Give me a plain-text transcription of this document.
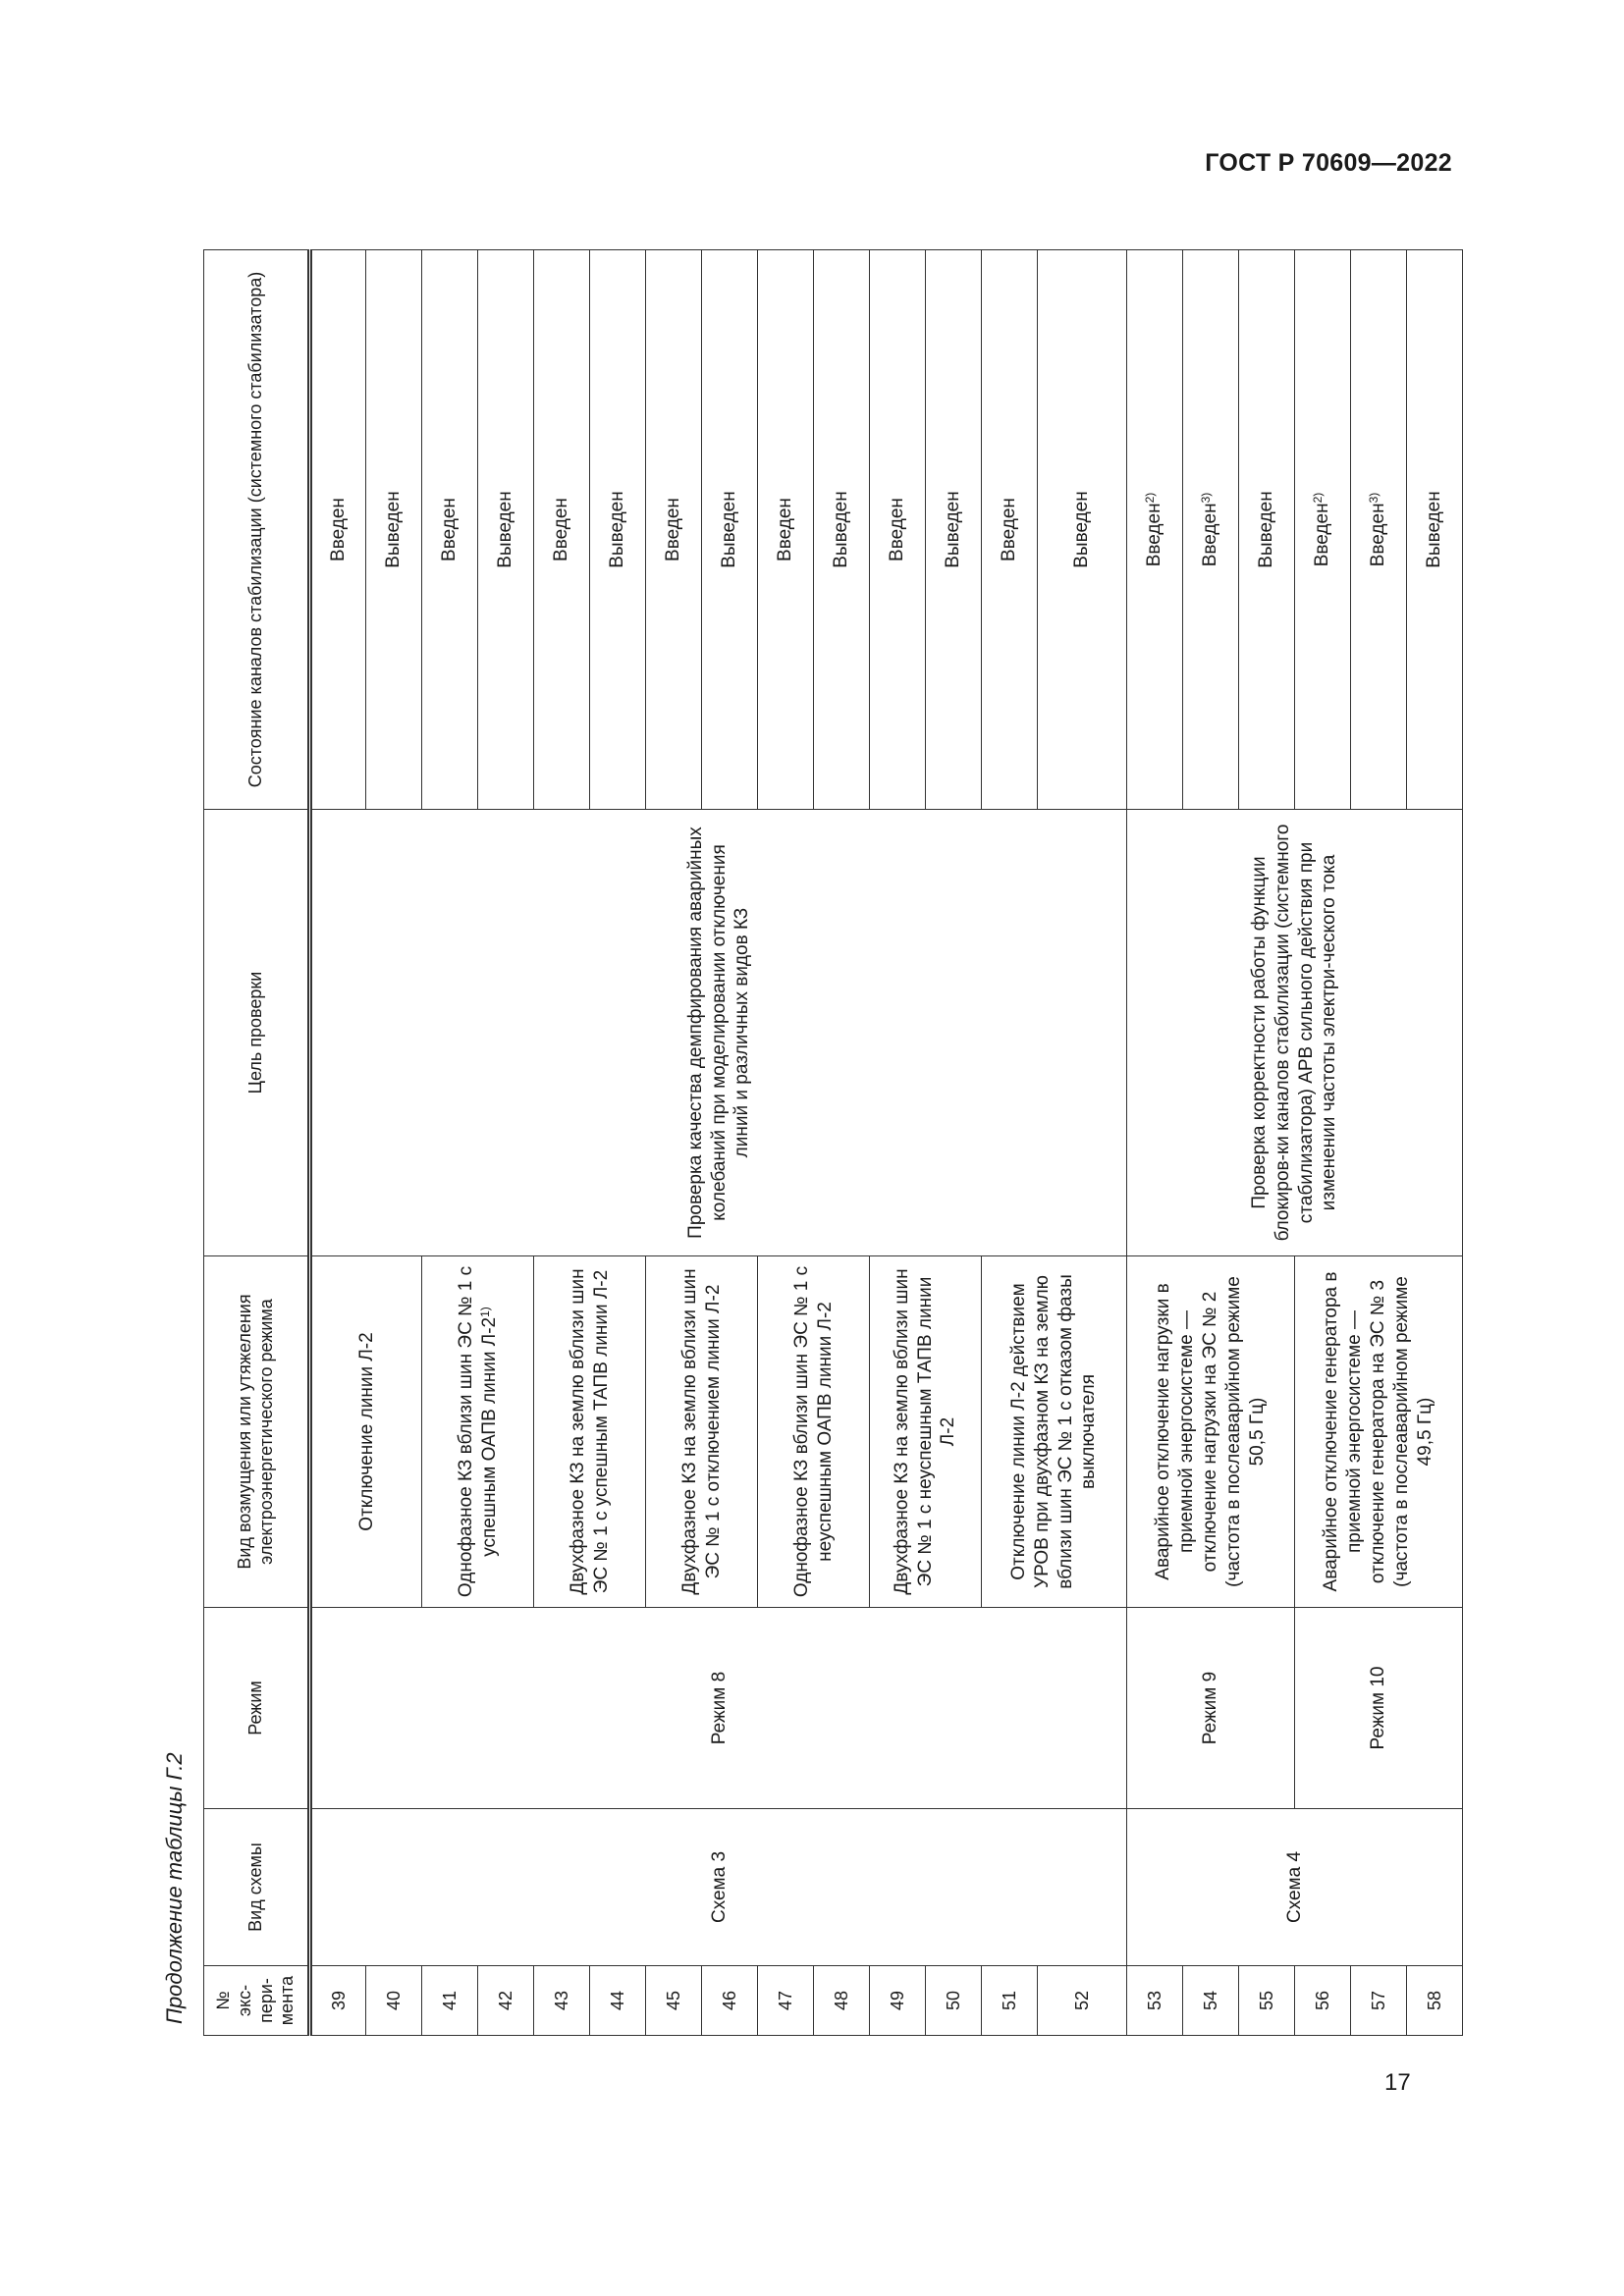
ГОСТ Р 70609—2022
Продолжение таблицы Г.2	№ экс-пери-мента	Вид схемы	Режим	Вид возмущения или утяжеления электроэнергетического режима	Цель проверки	Состояние каналов стабилизации (системного стабилизатора)
39	Схема 3	Режим 8	Отключение линии Л-2	Проверка качества демпфирования аварийных колебаний при моделировании отключения линий и различных видов КЗ	Введен
40					Выведен
41			Однофазное КЗ вблизи шин ЭС № 1 с успешным ОАПВ линии Л-2$^{1)}$		Введен
42					Выведен
43			Двухфазное КЗ на землю вблизи шин ЭС № 1 с успешным ТАПВ линии Л-2		Введен
44					Выведен
45			Двухфазное КЗ на землю вблизи шин ЭС № 1 с отключением линии Л-2		Введен
46					Выведен
47			Однофазное КЗ вблизи шин ЭС № 1 с неуспешным ОАПВ линии Л-2		Введен
48					Выведен
49			Двухфазное КЗ на землю вблизи шин ЭС № 1 с неуспешным ТАПВ линии Л-2		Введен
50					Выведен
51			Отключение линии Л-2 действием УРОВ при двухфазном КЗ на землю вблизи шин ЭС № 1 с отказом фазы выключателя		Введен
52					Выведен
53	Схема 4	Режим 9	Аварийное отключение нагрузки в приемной энергосистеме — отключение нагрузки на ЭС № 2 (частота в послеаварийном режиме 50,5 Гц)	Проверка корректности работы функции блокиров-ки каналов стабилизации (системного стабилизатора) АРВ сильного действия при изменении частоты электри-ческого тока	Введен$^{2)}$
54					Введен$^{3)}$
55					Выведен
56		Режим 10	Аварийное отключение генератора в приемной энергосистеме — отключение генератора на ЭС № 3 (частота в послеаварийном режиме 49,5 Гц)		Введен$^{2)}$
57					Введен$^{3)}$
58					Выведен
17
